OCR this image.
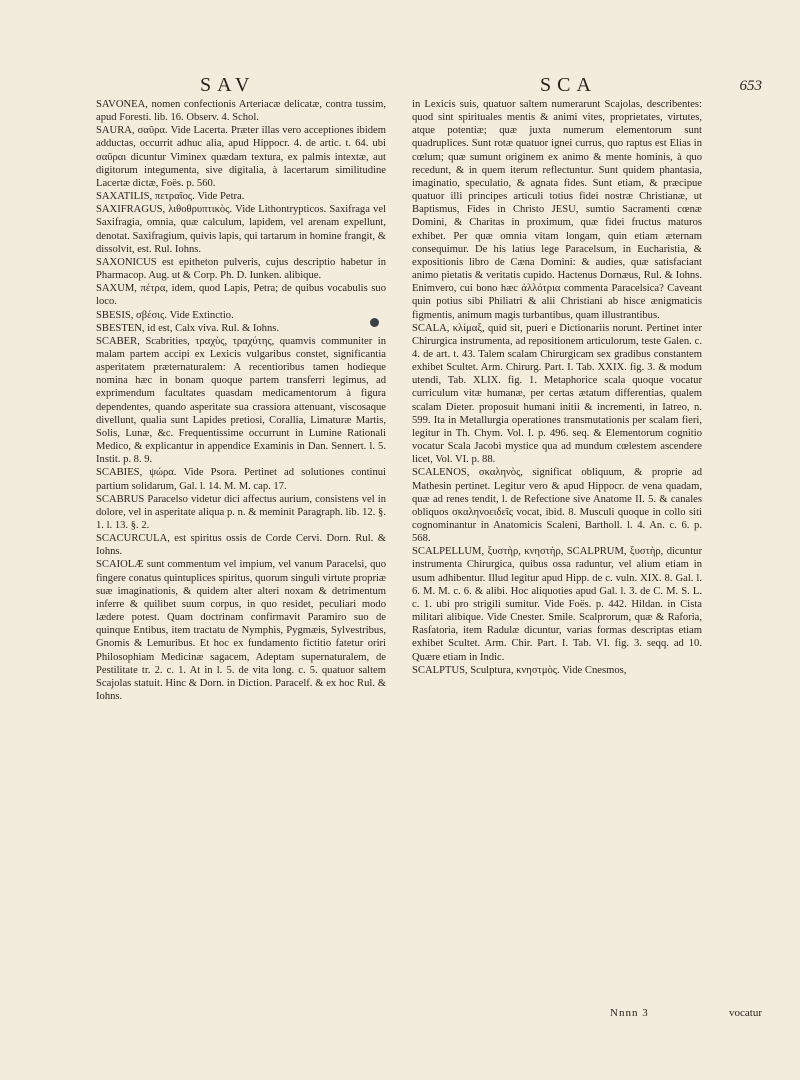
SAV	SCA	653

SAVONEA, nomen confectionis Arteriacæ delicatæ, contra tussim, apud Foresti. lib. 16. Observ. 4. Schol.

SAURA, σαῦρα. Vide Lacerta. Præter illas vero acceptiones ibidem adductas, occurrit adhuc alia, apud Hippocr. 4. de artic. t. 64. ubi σαῦραι dicuntur Viminex quædam textura, ex palmis intextæ, aut digitorum integumenta, sive digitalia, à lacertarum similitudine Lacertæ dictæ, Foës. p. 560.

SAXATILIS, πετραῖος. Vide Petra.

SAXIFRAGUS, λιθοθρυπτικὸς. Vide Lithontrypticos. Saxifraga vel Saxifragia, omnia, quæ calculum, lapidem, vel arenam expellunt, denotat. Saxifragium, quivis lapis, qui tartarum in homine frangit, & dissolvit, est. Rul. Iohns.

SAXONICUS est epitheton pulveris, cujus descriptio habetur in Pharmacop. Aug. ut & Corp. Ph. D. Iunken. alibique.

SAXUM, πέτρα, idem, quod Lapis, Petra; de quibus vocabulis suo loco.

SBESIS, σβέσις. Vide Extinctio.

SBESTEN, id est, Calx viva. Rul. & Iohns.

SCABER, Scabrities, τραχὺς, τραχύτης, quamvis communiter in malam partem accipi ex Lexicis vulgaribus constet, significantia asperitatem præternaturalem: A recentioribus tamen hodieque nomina hæc in bonam quoque partem transferri legimus, ad exprimendum facultates quasdam medicamentorum à figura dependentes, quando asperitate sua crassiora attenuant, viscosaque divellunt, qualia sunt Lapides pretiosi, Corallia, Limaturæ Martis, Solis, Lunæ, &c. Frequentissime occurrunt in Lumine Rationali Medico, & explicantur in appendice Examinis in Dan. Sennert. l. 5. Instit. p. 8. 9.

SCABIES, ψώρα. Vide Psora. Pertinet ad solutiones continui partium solidarum, Gal. l. 14. M. M. cap. 17.

SCABRUS Paracelso videtur dici affectus aurium, consistens vel in dolore, vel in asperitate aliqua p. n. & meminit Paragraph. lib. 12. §. 1. l. 13. §. 2.

SCACURCULA, est spiritus ossis de Corde Cervi. Dorn. Rul. & Iohns.

SCAIOLÆ sunt commentum vel impium, vel vanum Paracelsi, quo fingere conatus quintuplices spiritus, quorum singuli virtute propriæ suæ imaginationis, & quidem alter alteri noxam & detrimentum inferre & quilibet suum corpus, in quo residet, peculiari modo lædere potest. Quam doctrinam confirmavit Paramiro suo de quinque Entibus, item tractatu de Nymphis, Pygmæis, Sylvestribus, Gnomis & Lemuribus. Et hoc ex fundamento fictitio fatetur oriri Philosophiam Medicinæ sagacem, Adeptam supernaturalem, de Pestilitate tr. 2. c. 1. At in l. 5. de vita long. c. 5. quatuor saltem Scajolas statuit. Hinc & Dorn. in Diction. Paracelf. & ex hoc Rul. & Iohns.

in Lexicis suis, quatuor saltem numerarunt Scajolas, describentes: quod sint spirituales mentis & animi vites, proprietates, virtutes, atque potentiæ; quæ juxta numerum elementorum sunt quadruplices. Sunt rotæ quatuor ignei currus, quo raptus est Elias in cœlum; quæ sumunt originem ex animo & mente hominis, à quo recedunt, & in quem iterum reflectuntur. Sunt quidem phantasia, imaginatio, speculatio, & agnata fides. Sunt etiam, & præcipue quatuor illi principes articuli totius fidei nostræ Christianæ, ut Baptismus, Fides in Christo JESU, sumtio Sacramenti cœnæ Domini, & Charitas in proximum, quæ fidei fructus maturos exhibet. Per quæ omnia vitam longam, quin etiam æternam consequimur. De his latius lege Paracelsum, in Eucharistia, & expositionis libro de Cæna Domini: & audies, quæ satisfaciant animo pietatis & veritatis cupido. Hactenus Dornæus, Rul. & Iohns. Enimvero, cui bono hæc ἀλλότρια commenta Paracelsica? Caveant quin potius sibi Philiatri & alii Christiani ab hisce ænigmaticis figmentis, animum magis turbantibus, quam illustrantibus.

SCALA, κλίμαξ, quid sit, pueri e Dictionariis norunt. Pertinet inter Chirurgica instrumenta, ad repositionem articulorum, teste Galen. c. 4. de art. t. 43. Talem scalam Chirurgicam sex gradibus constantem exhibet Scultet. Arm. Chirurg. Part. I. Tab. XXIX. fig. 3. & modum utendi, Tab. XLIX. fig. 1. Metaphorice scala quoque vocatur curriculum vitæ humanæ, per certas ætatum differentias, qualem scalam Dieter. proposuit humani initii & incrementi, in Iatreo, n. 599. Ita in Metallurgia operationes transmutationis per scalam fieri, legitur in Th. Chym. Vol. I. p. 496. seq. & Elementorum cognitio vocatur Scala Jacobi mystice qua ad mundum cœlestem ascendere licet, Vol. VI. p. 88.

SCALENOS, σκαληνὸς, significat obliquum, & proprie ad Mathesin pertinet. Legitur vero & apud Hippocr. de vena quadam, quæ ad renes tendit, l. de Refectione sive Anatome II. 5. & canales obliquos σκαληνοειδεῖς vocat, ibid. 8. Musculi quoque in collo siti cognominantur in Anatomicis Scaleni, Bartholl. l. 4. An. c. 6. p. 568.

SCALPELLUM, ξυστὴρ, κνηστὴρ, SCALPRUM, ξυστὴρ, dicuntur instrumenta Chirurgica, quibus ossa raduntur, vel alium etiam in usum adhibentur. Illud legitur apud Hipp. de c. vuln. XIX. 8. Gal. l. 6. M. M. c. 6. & alibi. Hoc aliquoties apud Gal. l. 3. de C. M. S. L. c. 1. ubi pro strigili sumitur. Vide Foës. p. 442. Hildan. in Cista militari alibique. Vide Cnester. Smile. Scalprorum, quæ & Raforia, Rasfatoria, item Radulæ dicuntur, varias formas descriptas etiam exhibet Scultet. Arm. Chir. Part. I. Tab. VI. fig. 3. seqq. ad 10. Quære etiam in Indic.

SCALPTUS, Sculptura, κνηστμὸς. Vide Cnesmos,

Nnnn 3	vocatur
